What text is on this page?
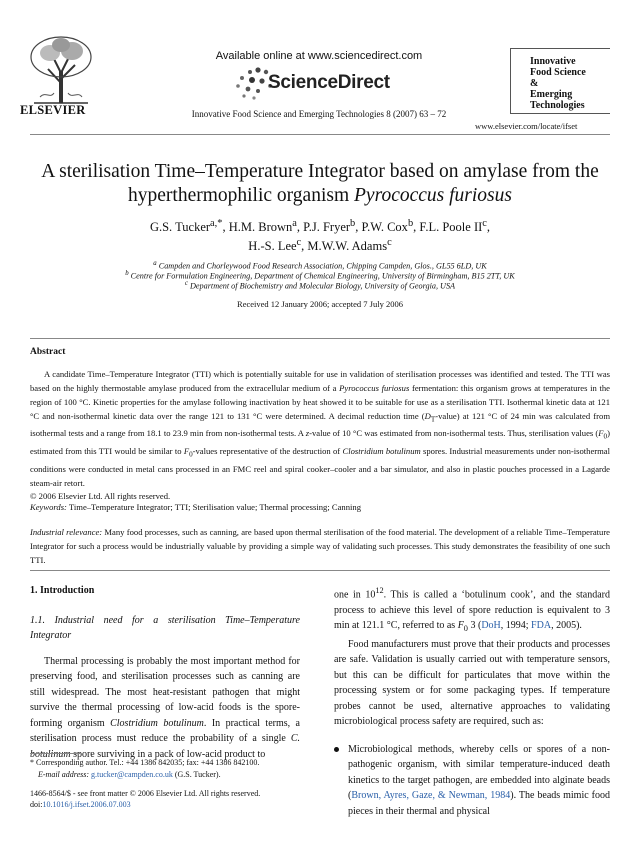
ELSEVIER
Available online at www.sciencedirect.com
ScienceDirect
Innovative Food Science and Emerging Technologies 8 (2007) 63 – 72
Innovative
Food Science
&
Emerging
Technologies
www.elsevier.com/locate/ifset
A sterilisation Time–Temperature Integrator based on amylase from the
hyperthermophilic organism Pyrococcus furiosus
G.S. Tucker$^{a,*}$, H.M. Brown$^a$, P.J. Fryer$^b$, P.W. Cox$^b$, F.L. Poole $II^c$,
H.-S. Lee$^c$, M.W.W. Adams$^c$
$^a$ Campden and Chorleywood Food Research Association, Chipping Campden, Glos., GL55 6LD, UK
$^b$ Centre for Formulation Engineering, Department of Chemical Engineering, University of Birmingham, B15 2TT, UK
$^c$ Department of Biochemistry and Molecular Biology, University of Georgia, USA
Received 12 January 2006; accepted 7 July 2006
Abstract
A candidate Time–Temperature Integrator (TTI) which is potentially suitable for use in validation of sterilisation processes was identified and tested. The TTI was based on the highly thermostable amylase produced from the extracellular medium of a Pyrococcus furiosus fermentation: this organism grows at temperatures in the region of 100 °C. Kinetic properties for the amylase following inactivation by heat showed it to be suitable for use as a sterilisation TTI. Isothermal kinetic data at 121 °C and non-isothermal kinetic data over the range 121 to 131 °C were determined. A decimal reduction time $(D_T-value)$ at 121 °C of 24 min was calculated from isothermal tests and a range from 18.1 to 23.9 min from non-isothermal tests. A z-value of 10 °C was estimated from non-isothermal tests. Thus, sterilisation values $(F_0)$ estimated from this TTI would be similar to $F_0$-values representative of the destruction of Clostridium botulinum spores. Industrial measurements under non-isothermal conditions were conducted in metal cans processed in an FMC reel and spiral cooker–cooler and a bar simulator, and also in plastic pouches processed in a Lagarde steam-air retort.
© 2006 Elsevier Ltd. All rights reserved.
Keywords: Time–Temperature Integrator; TTI; Sterilisation value; Thermal processing; Canning
Industrial relevance: Many food processes, such as canning, are based upon thermal sterilisation of the food material. The development of a reliable Time–Temperature Integrator for such a process would be industrially valuable by providing a simple way of validating such processes. This study demonstrates the feasibility of one such TTI.
1. Introduction
1.1. Industrial need for a sterilisation Time–Temperature Integrator

Thermal processing is probably the most important method for preserving food, and sterilisation processes such as canning are still widespread. The most heat-resistant pathogen that might survive the thermal processing of low-acid foods is the spore-forming organism Clostridium botulinum. In practical terms, a sterilisation process must reduce the probability of a single C. botulinum spore surviving in a pack of low-acid product to

one in $10^{12}$. This is called a ‘botulinum cook’, and the standard process to achieve this level of spore reduction is equivalent to 3 min at 121.1 °C, referred to as $F_0$ 3 (DoH, 1994; FDA, 2005).

Food manufacturers must prove that their products and processes are safe. Validation is usually carried out with temperature sensors, but this can be difficult for particulates that move within the processing system or for some packaging types. If temperature probes cannot be used, alternative approaches to validating microbiological process safety are required, such as:

Microbiological methods, whereby cells or spores of a non-pathogenic organism, with similar temperature-induced death kinetics to the target pathogen, are embedded into alginate beads (Brown, Ayres, Gaze, & Newman, 1984). The beads mimic food pieces in their thermal and physical
* Corresponding author. Tel.: +44 1386 842035; fax: +44 1386 842100.
E-mail address: g.tucker@campden.co.uk (G.S. Tucker).
1466-8564/$ - see front matter © 2006 Elsevier Ltd. All rights reserved.
doi:10.1016/j.ifset.2006.07.003
